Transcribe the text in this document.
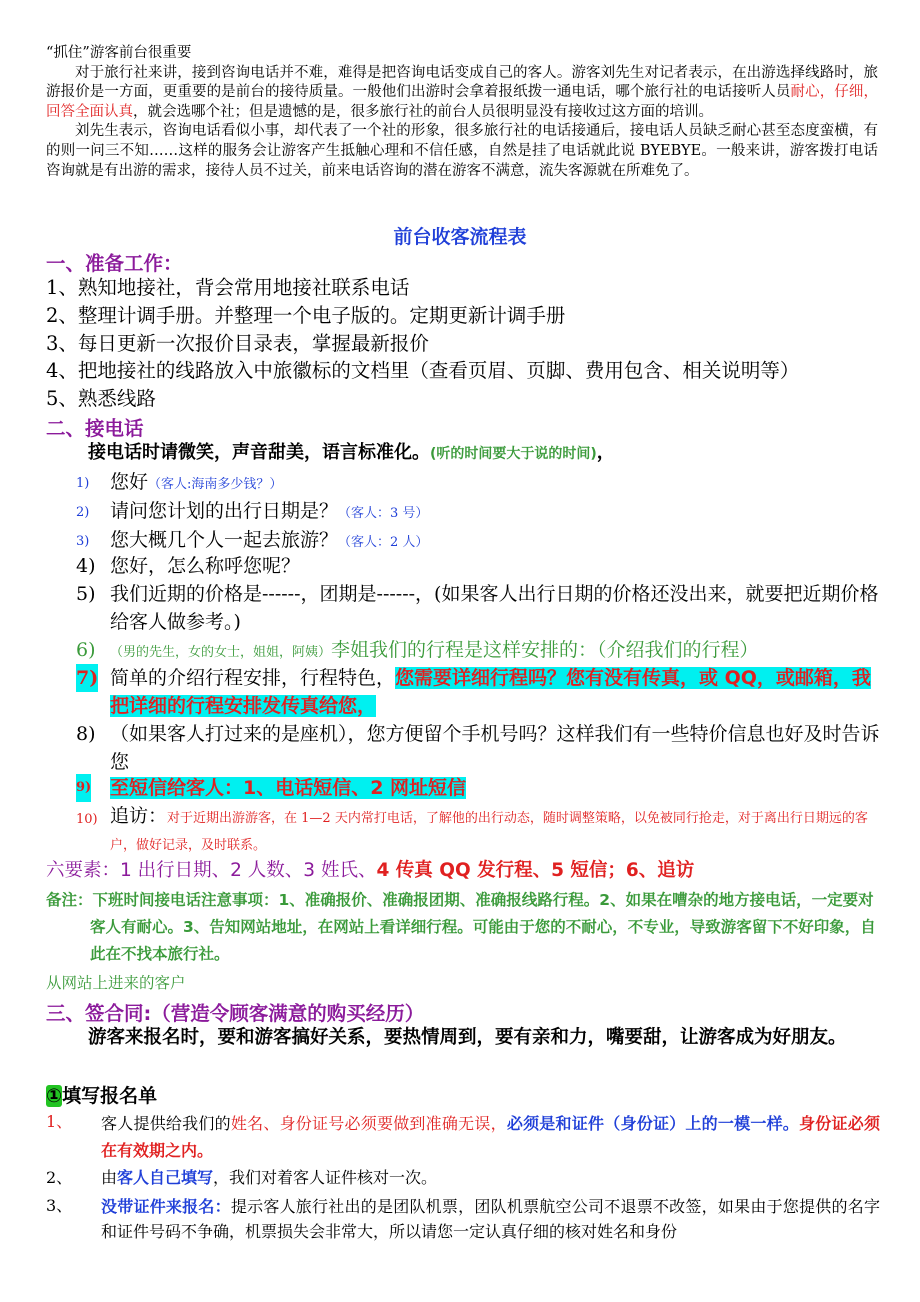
“抓住”游客前台很重要

对于旅行社来讲，接到咨询电话并不难，难得是把咨询电话变成自己的客人。游客刘先生对记者表示，在出游选择线路时，旅游报价是一方面，更重要的是前台的接待质量。一般他们出游时会拿着报纸拨一通电话，哪个旅行社的电话接听人员耐心，仔细，回答全面认真，就会选哪个社；但是遗憾的是，很多旅行社的前台人员很明显没有接收过这方面的培训。

刘先生表示，咨询电话看似小事，却代表了一个社的形象，很多旅行社的电话接通后，接电话人员缺乏耐心甚至态度蛮横，有的则一问三不知……这样的服务会让游客产生抵触心理和不信任感，自然是挂了电话就此说 BYEBYE。一般来讲，游客拨打电话咨询就是有出游的需求，接待人员不过关，前来电话咨询的潜在游客不满意，流失客源就在所难免了。

前台收客流程表
一、准备工作：
1、熟知地接社，背会常用地接社联系电话
2、整理计调手册。并整理一个电子版的。定期更新计调手册
3、每日更新一次报价目录表，掌握最新报价
4、把地接社的线路放入中旅徽标的文档里（查看页眉、页脚、费用包含、相关说明等）
5、熟悉线路
二、接电话
接电话时请微笑，声音甜美，语言标准化。(听的时间要大于说的时间)，
1) 您好（客人:海南多少钱？）
2) 请问您计划的出行日期是？（客人：3 号）
3) 您大概几个人一起去旅游？（客人：2 人）
4) 您好，怎么称呼您呢？
5) 我们近期的价格是------，团期是------，(如果客人出行日期的价格还没出来，就要把近期价格给客人做参考。)
6) （男的先生，女的女士，姐姐，阿姨）李姐我们的行程是这样安排的：（介绍我们的行程）
7) 简单的介绍行程安排，行程特色，您需要详细行程吗？您有没有传真，或 QQ，或邮箱，我把详细的行程安排发传真给您，
8) （如果客人打过来的是座机），您方便留个手机号吗？这样我们有一些特价信息也好及时告诉您
9) 至短信给客人：1、电话短信、2 网址短信
10) 追访：对于近期出游游客，在 1—2 天内常打电话，了解他的出行动态，随时调整策略，以免被同行抢走，对于离出行日期远的客户，做好记录，及时联系。
六要素：1 出行日期、2 人数、3 姓氏、4 传真 QQ 发行程、5 短信；6、追访
备注：下班时间接电话注意事项：1、准确报价、准确报团期、准确报线路行程。2、如果在嘈杂的地方接电话，一定要对客人有耐心。3、告知网站地址，在网站上看详细行程。可能由于您的不耐心，不专业，导致游客留下不好印象，自此在不找本旅行社。
从网站上进来的客户
三、签合同:（营造令顾客满意的购买经历）
游客来报名时，要和游客搞好关系，要热情周到，要有亲和力，嘴要甜，让游客成为好朋友。
①填写报名单
1、 客人提供给我们的姓名、身份证号必须要做到准确无误，必须是和证件（身份证）上的一模一样。身份证必须在有效期之内。
2、 由客人自己填写，我们对着客人证件核对一次。
3、 没带证件来报名：提示客人旅行社出的是团队机票，团队机票航空公司不退票不改签，如果由于您提供的名字和证件号码不争确，机票损失会非常大，所以请您一定认真仔细的核对姓名和身份
